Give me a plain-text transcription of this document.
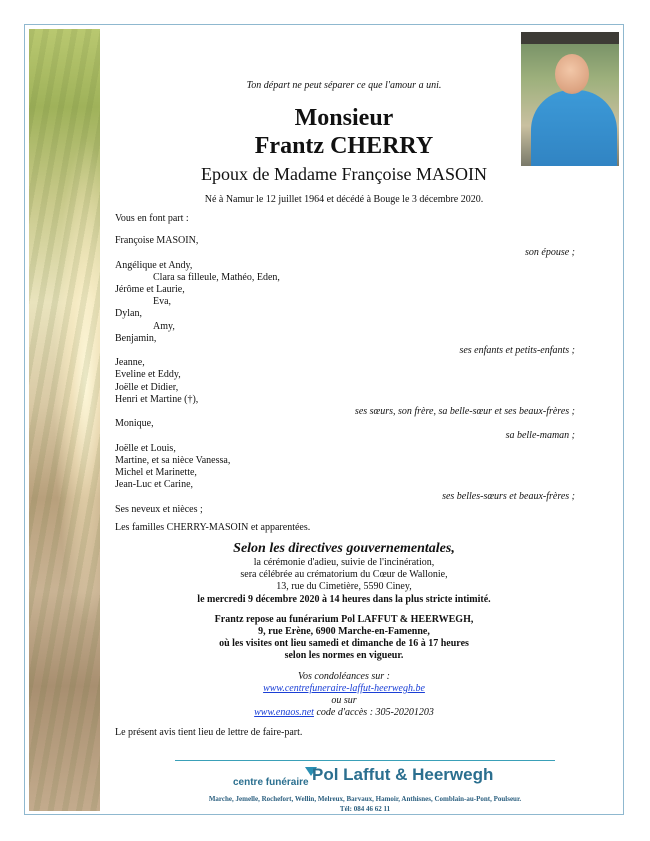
Ton départ ne peut séparer ce que l'amour a uni.
Monsieur
Frantz CHERRY
Epoux de Madame Françoise MASOIN
Né à Namur le 12 juillet 1964 et décédé à Bouge le 3 décembre 2020.
Vous en font part :
Françoise MASOIN,
son épouse ;
Angélique et Andy,
Clara sa filleule, Mathéo, Eden,
Jérôme et Laurie,
Eva,
Dylan,
Amy,
Benjamin,
ses enfants et petits-enfants ;
Jeanne,
Eveline et Eddy,
Joëlle et Didier,
Henri et Martine (†),
ses sœurs, son frère, sa belle-sœur et ses beaux-frères ;
Monique,
sa belle-maman ;
Joëlle et Louis,
Martine, et sa nièce Vanessa,
Michel et Marinette,
Jean-Luc et Carine,
ses belles-sœurs et beaux-frères ;
Ses neveux et nièces ;
Les familles CHERRY-MASOIN et apparentées.
Selon les directives gouvernementales,
la cérémonie d'adieu, suivie de l'incinération,
sera célébrée au crématorium du Cœur de Wallonie,
13, rue du Cimetière, 5590 Ciney,
le mercredi 9 décembre 2020 à 14 heures dans la plus stricte intimité.
Frantz repose au funérarium Pol LAFFUT & HEERWEGH,
9, rue Erène, 6900 Marche-en-Famenne,
où les visites ont lieu samedi et dimanche de 16 à 17 heures
selon les normes en vigueur.
Vos condoléances sur :
www.centrefuneraire-laffut-heerwegh.be
ou sur
www.enaos.net code d'accès : 305-20201203
Le présent avis tient lieu de lettre de faire-part.
centre funéraire Pol Laffut & Heerwegh
Marche, Jemelle, Rochefort, Wellin, Melreux, Barvaux, Hamoir, Anthisnes, Comblain-au-Pont, Poulseur.
Tél: 084 46 62 11
